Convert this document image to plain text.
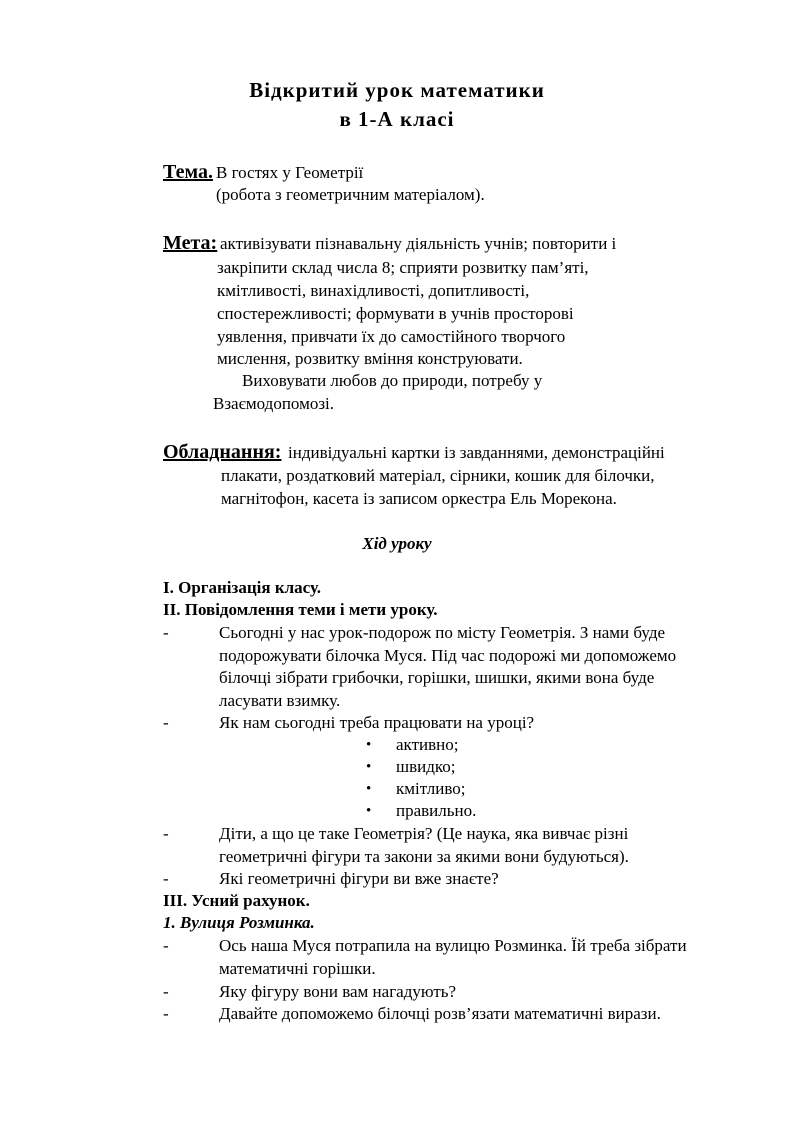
Відкритий урок математики
в 1-А класі
Тема. В гостях у Геометрії
(робота з геометричним матеріалом).
Мета: активізувати пізнавальну діяльність учнів; повторити і
закріпити склад числа 8; сприяти розвитку пам’яті,
кмітливості, винахідливості, допитливості,
спостережливості; формувати в учнів просторові
уявлення, привчати їх до самостійного творчого
мислення, розвитку вміння конструювати.
Виховувати любов до природи, потребу у
Взаємодопомозі.
Обладнання: індивідуальні картки із завданнями, демонстраційні
плакати, роздатковий матеріал, сірники, кошик для білочки,
магнітофон, касета із записом оркестра Ель Морекона.
Хід уроку
І. Організація класу.
ІІ. Повідомлення теми і мети уроку.
-	Сьогодні у нас урок-подорож по місту Геометрія. З нами буде
подорожувати білочка Муся. Під час подорожі ми допоможемо
білочці зібрати грибочки, горішки, шишки, якими вона буде
ласувати взимку.
-	Як нам сьогодні треба працювати на уроці?
• активно;
• швидко;
• кмітливо;
• правильно.
-	Діти, а що це таке Геометрія? (Це наука, яка вивчає різні
геометричні фігури та закони за якими вони будуються).
-	Які геометричні фігури ви вже знаєте?
ІІІ. Усний рахунок.
1. Вулиця Розминка.
-	Ось наша Муся потрапила на вулицю Розминка. Їй треба зібрати
математичні горішки.
-	Яку фігуру вони вам нагадують?
-	Давайте допоможемо білочці розв’язати математичні вирази.
